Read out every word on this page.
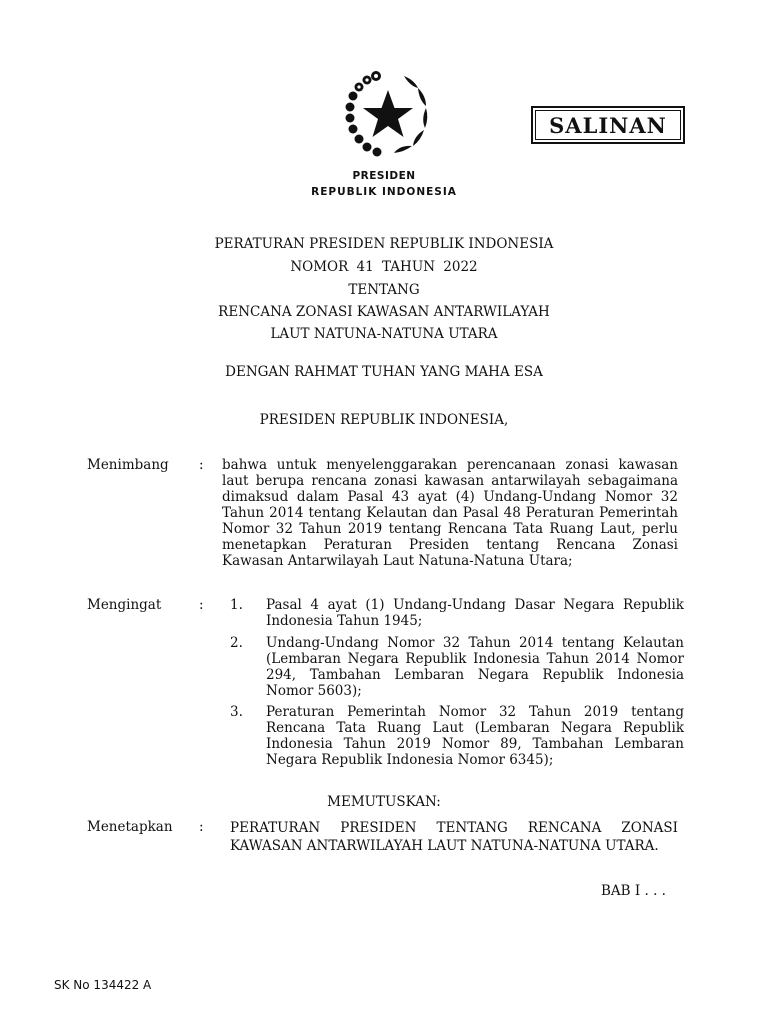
SALINAN
PRESIDEN
REPUBLIK INDONESIA
PERATURAN PRESIDEN REPUBLIK INDONESIA
NOMOR 41 TAHUN 2022
TENTANG
RENCANA ZONASI KAWASAN ANTARWILAYAH
LAUT NATUNA-NATUNA UTARA
DENGAN RAHMAT TUHAN YANG MAHA ESA
PRESIDEN REPUBLIK INDONESIA,
Menimbang : bahwa untuk menyelenggarakan perencanaan zonasi kawasan laut berupa rencana zonasi kawasan antarwilayah sebagaimana dimaksud dalam Pasal 43 ayat (4) Undang-Undang Nomor 32 Tahun 2014 tentang Kelautan dan Pasal 48 Peraturan Pemerintah Nomor 32 Tahun 2019 tentang Rencana Tata Ruang Laut, perlu menetapkan Peraturan Presiden tentang Rencana Zonasi Kawasan Antarwilayah Laut Natuna-Natuna Utara;
Mengingat	: 1. Pasal 4 ayat (1) Undang-Undang Dasar Negara Republik Indonesia Tahun 1945;
2. Undang-Undang Nomor 32 Tahun 2014 tentang Kelautan (Lembaran Negara Republik Indonesia Tahun 2014 Nomor 294, Tambahan Lembaran Negara Republik Indonesia Nomor 5603);
3. Peraturan Pemerintah Nomor 32 Tahun 2019 tentang Rencana Tata Ruang Laut (Lembaran Negara Republik Indonesia Tahun 2019 Nomor 89, Tambahan Lembaran Negara Republik Indonesia Nomor 6345);
MEMUTUSKAN:
Menetapkan : PERATURAN PRESIDEN TENTANG RENCANA ZONASI KAWASAN ANTARWILAYAH LAUT NATUNA-NATUNA UTARA.
BAB I . . .
SK No 134422 A
